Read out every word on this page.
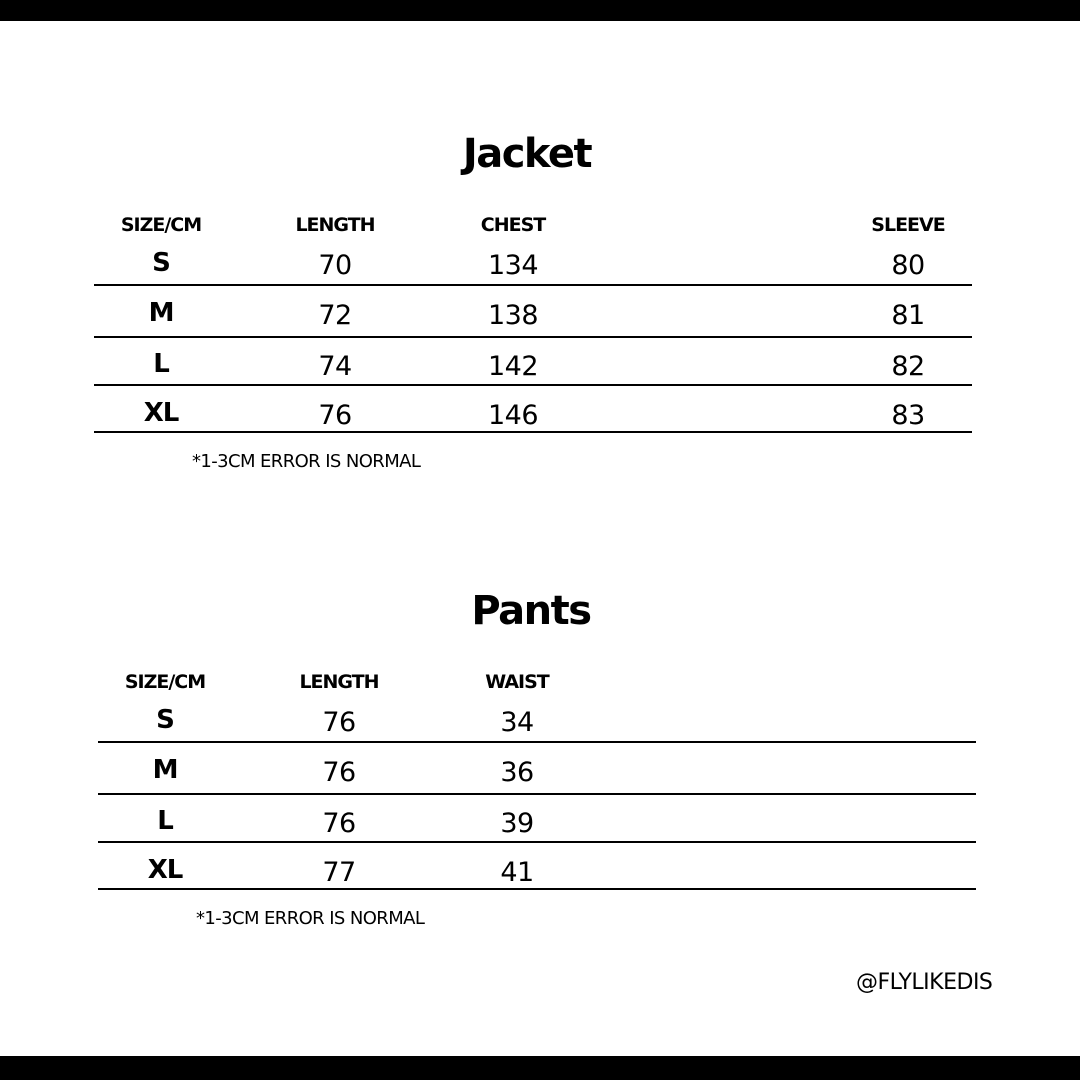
Jacket
SIZE/CM	LENGTH	CHEST	SLEEVE
S	70	134	80
M	72	138	81
L	74	142	82
XL	76	146	83
*1-3CM ERROR IS NORMAL
Pants
SIZE/CM	LENGTH	WAIST
S	76	34
M	76	36
L	76	39
XL	77	41
*1-3CM ERROR IS NORMAL
@FLYLIKEDIS
